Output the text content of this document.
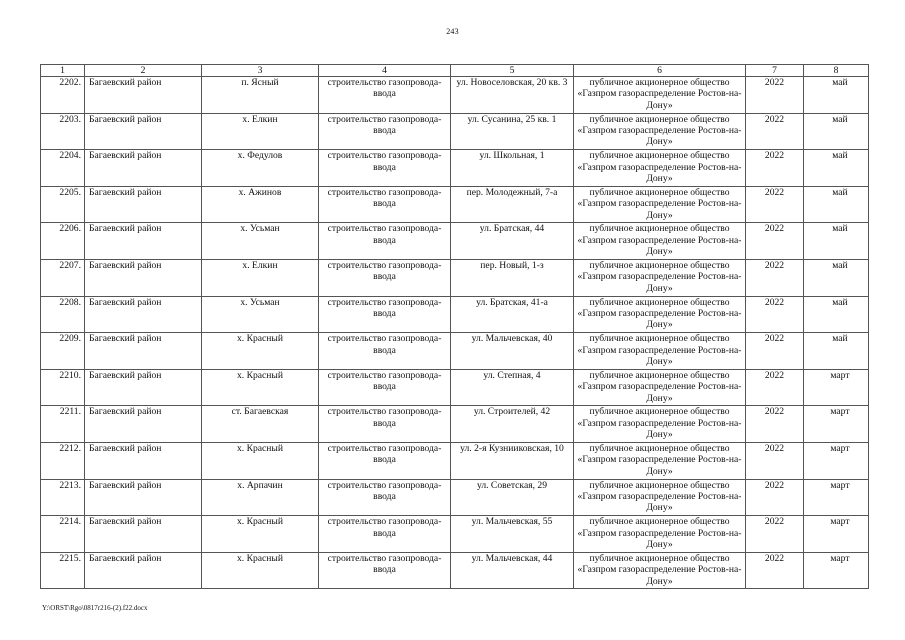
243
1	2	3	4	5	6	7	8
2202.	Багаевский район	п. Ясный	строительство газопровода-ввода	ул. Новоселовская, 20 кв. 3	публичное акционерное общество «Газпром газораспределение Ростов-на-Дону»	2022	май
2203.	Багаевский район	х. Елкин	строительство газопровода-ввода	ул. Сусанина, 25 кв. 1	публичное акционерное общество «Газпром газораспределение Ростов-на-Дону»	2022	май
2204.	Багаевский район	х. Федулов	строительство газопровода-ввода	ул. Школьная, 1	публичное акционерное общество «Газпром газораспределение Ростов-на-Дону»	2022	май
2205.	Багаевский район	х. Ажинов	строительство газопровода-ввода	пер. Молодежный, 7-а	публичное акционерное общество «Газпром газораспределение Ростов-на-Дону»	2022	май
2206.	Багаевский район	х. Усьман	строительство газопровода-ввода	ул. Братская, 44	публичное акционерное общество «Газпром газораспределение Ростов-на-Дону»	2022	май
2207.	Багаевский район	х. Елкин	строительство газопровода-ввода	пер. Новый, 1-з	публичное акционерное общество «Газпром газораспределение Ростов-на-Дону»	2022	май
2208.	Багаевский район	х. Усьман	строительство газопровода-ввода	ул. Братская, 41-а	публичное акционерное общество «Газпром газораспределение Ростов-на-Дону»	2022	май
2209.	Багаевский район	х. Красный	строительство газопровода-ввода	ул. Мальчевская, 40	публичное акционерное общество «Газпром газораспределение Ростов-на-Дону»	2022	май
2210.	Багаевский район	х. Красный	строительство газопровода-ввода	ул. Степная, 4	публичное акционерное общество «Газпром газораспределение Ростов-на-Дону»	2022	март
2211.	Багаевский район	ст. Багаевская	строительство газопровода-ввода	ул. Строителей, 42	публичное акционерное общество «Газпром газораспределение Ростов-на-Дону»	2022	март
2212.	Багаевский район	х. Красный	строительство газопровода-ввода	ул. 2-я Кузнииковская, 10	публичное акционерное общество «Газпром газораспределение Ростов-на-Дону»	2022	март
2213.	Багаевский район	х. Арпачин	строительство газопровода-ввода	ул. Советская, 29	публичное акционерное общество «Газпром газораспределение Ростов-на-Дону»	2022	март
2214.	Багаевский район	х. Красный	строительство газопровода-ввода	ул. Мальчевская, 55	публичное акционерное общество «Газпром газораспределение Ростов-на-Дону»	2022	март
2215.	Багаевский район	х. Красный	строительство газопровода-ввода	ул. Мальчевская, 44	публичное акционерное общество «Газпром газораспределение Ростов-на-Дону»	2022	март
Y:\ORST\Rgo\0817r216-(2).f22.docx
